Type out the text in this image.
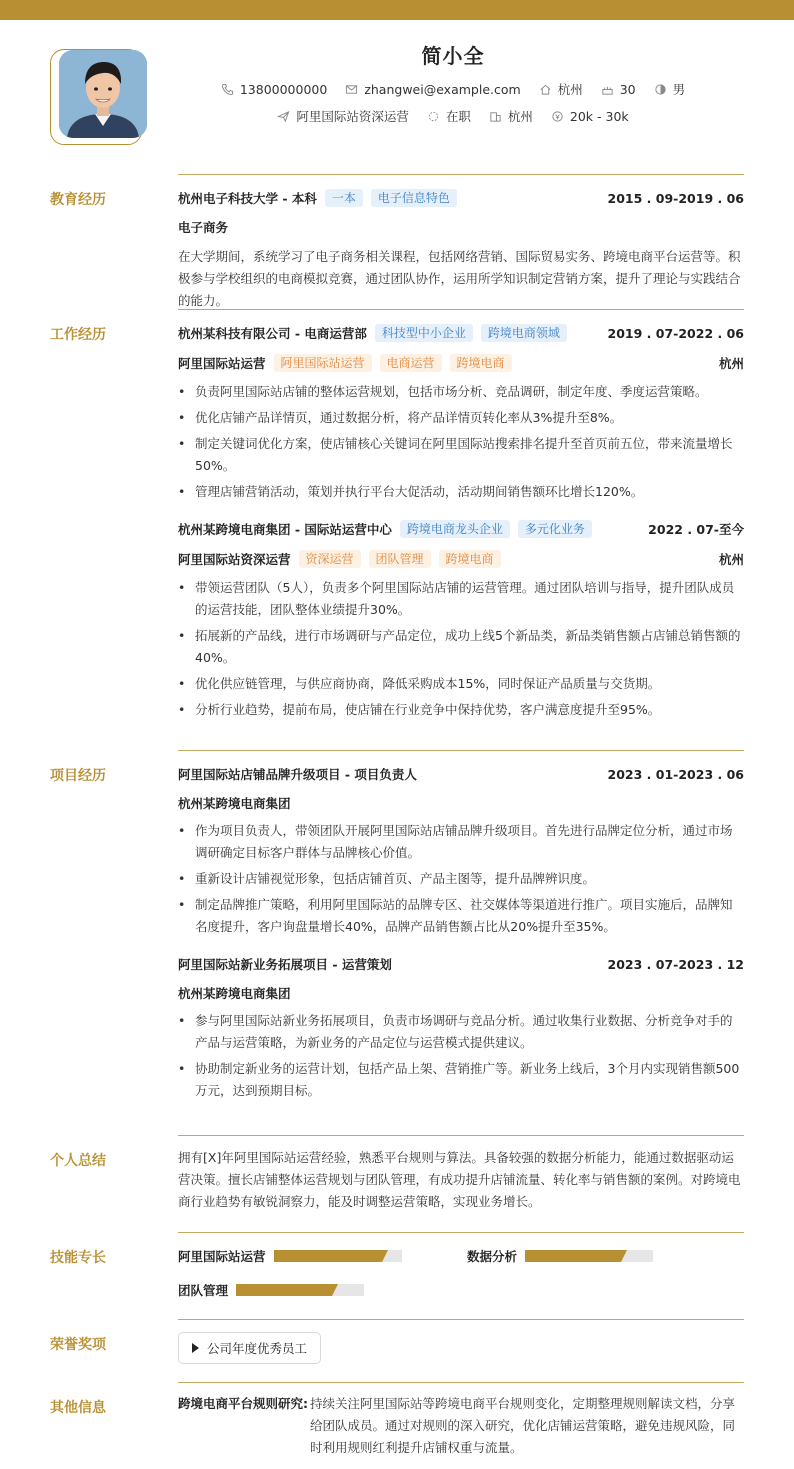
简小全
13800000000	zhangwei@example.com	杭州	30	男
阿里国际站资深运营	在职	杭州	20k - 30k
教育经历	杭州电子科技大学 - 本科	一本	电子信息特色	2015 . 09-2019 . 06
电子商务
在大学期间，系统学习了电子商务相关课程，包括网络营销、国际贸易实务、跨境电商平台运营等。积极参与学校组织的电商模拟竞赛，通过团队协作，运用所学知识制定营销方案，提升了理论与实践结合的能力。
工作经历	杭州某科技有限公司 - 电商运营部	科技型中小企业	跨境电商领域	2019 . 07-2022 . 06
阿里国际站运营	阿里国际站运营	电商运营	跨境电商	杭州
• 负责阿里国际站店铺的整体运营规划，包括市场分析、竞品调研，制定年度、季度运营策略。
• 优化店铺产品详情页，通过数据分析，将产品详情页转化率从3%提升至8%。
• 制定关键词优化方案，使店铺核心关键词在阿里国际站搜索排名提升至首页前五位，带来流量增长50%。
• 管理店铺营销活动，策划并执行平台大促活动，活动期间销售额环比增长120%。
杭州某跨境电商集团 - 国际站运营中心	跨境电商龙头企业	多元化业务	2022 . 07-至今
阿里国际站资深运营	资深运营	团队管理	跨境电商	杭州
• 带领运营团队（5人），负责多个阿里国际站店铺的运营管理。通过团队培训与指导，提升团队成员的运营技能，团队整体业绩提升30%。
• 拓展新的产品线，进行市场调研与产品定位，成功上线5个新品类，新品类销售额占店铺总销售额的40%。
• 优化供应链管理，与供应商协商，降低采购成本15%，同时保证产品质量与交货期。
• 分析行业趋势，提前布局，使店铺在行业竞争中保持优势，客户满意度提升至95%。
项目经历	阿里国际站店铺品牌升级项目 - 项目负责人	2023 . 01-2023 . 06
杭州某跨境电商集团
• 作为项目负责人，带领团队开展阿里国际站店铺品牌升级项目。首先进行品牌定位分析，通过市场调研确定目标客户群体与品牌核心价值。
• 重新设计店铺视觉形象，包括店铺首页、产品主图等，提升品牌辨识度。
• 制定品牌推广策略，利用阿里国际站的品牌专区、社交媒体等渠道进行推广。项目实施后，品牌知名度提升，客户询盘量增长40%，品牌产品销售额占比从20%提升至35%。
阿里国际站新业务拓展项目 - 运营策划	2023 . 07-2023 . 12
杭州某跨境电商集团
• 参与阿里国际站新业务拓展项目，负责市场调研与竞品分析。通过收集行业数据、分析竞争对手的产品与运营策略，为新业务的产品定位与运营模式提供建议。
• 协助制定新业务的运营计划，包括产品上架、营销推广等。新业务上线后，3个月内实现销售额500万元，达到预期目标。
个人总结	拥有[X]年阿里国际站运营经验，熟悉平台规则与算法。具备较强的数据分析能力，能通过数据驱动运营决策。擅长店铺整体运营规划与团队管理，有成功提升店铺流量、转化率与销售额的案例。对跨境电商行业趋势有敏锐洞察力，能及时调整运营策略，实现业务增长。
技能专长	阿里国际站运营	数据分析
团队管理
荣誉奖项	公司年度优秀员工
其他信息	跨境电商平台规则研究: 持续关注阿里国际站等跨境电商平台规则变化，定期整理规则解读文档，分享给团队成员。通过对规则的深入研究，优化店铺运营策略，避免违规风险，同时利用规则红利提升店铺权重与流量。
